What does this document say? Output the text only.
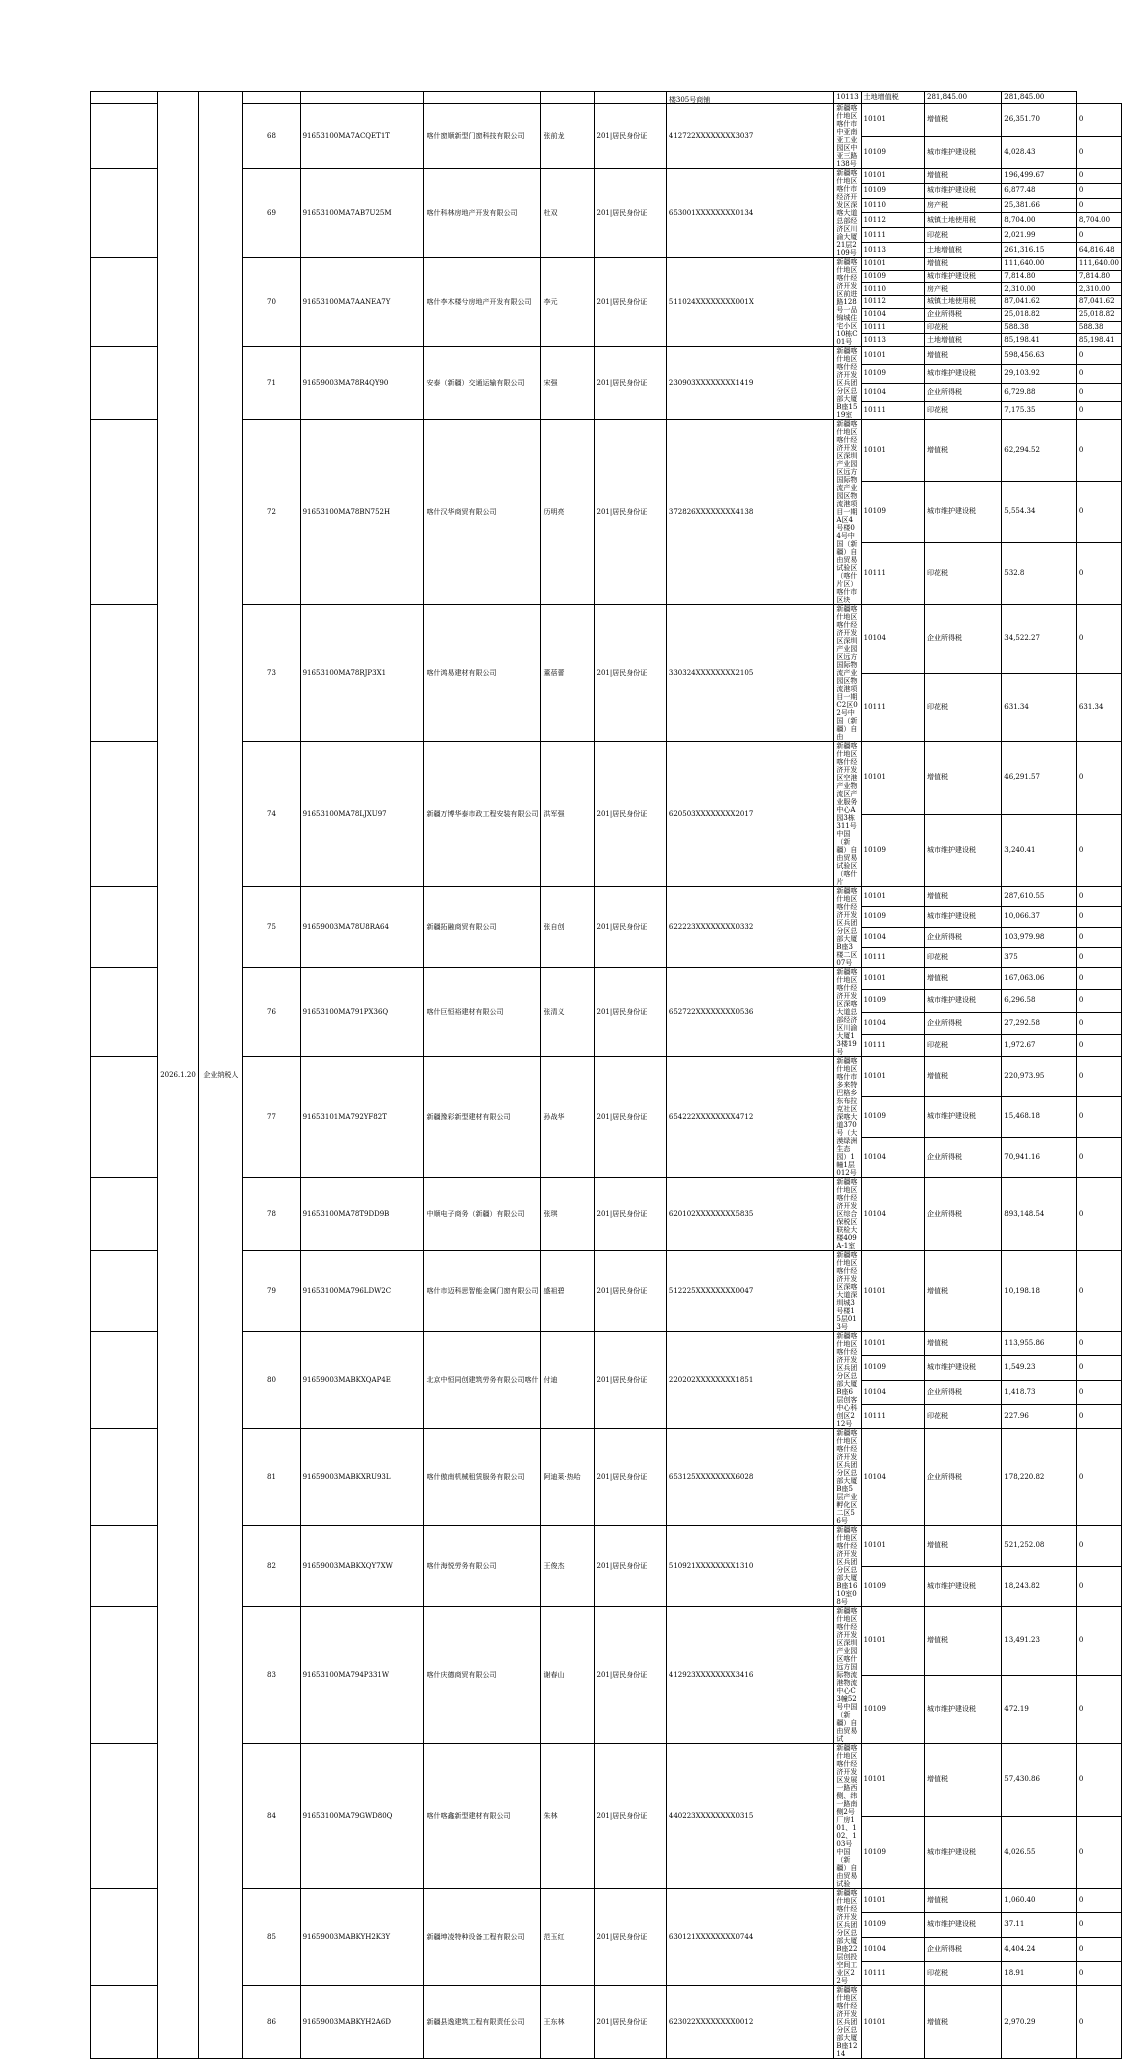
	2026.1.20	企业纳税人						楼305号商铺	10113	土地增值税	281,845.00	281,845.00	
			68	91653100MA7ACQET1T	喀什窗顺新型门窗科技有限公司	张前龙	201|居民身份证	412722XXXXXXXX3037	新疆喀什地区喀什市中亚南亚工业园区中亚三路138号	10101	增值税	26,351.70	0
										10109	城市维护建设税	4,028.43	0
			69	91653100MA7AB7U25M	喀什科林房地产开发有限公司	杜双	201|居民身份证	653001XXXXXXXX0134	新疆喀什地区喀什市经济开发区深喀大道总部经济区川渝大厦21层2109号	10101	增值税	196,499.67	0
										10109	城市维护建设税	6,877.48	0
										10110	房产税	25,381.66	0
										10112	城镇土地使用税	8,704.00	8,704.00
										10111	印花税	2,021.99	0
										10113	土地增值税	261,316.15	64,816.48
			70	91653100MA7AANEA7Y	喀什李木楼兮房地产开发有限公司	李元	201|居民身份证	511024XXXXXXXX001X	新疆喀什地区喀什经济开发区前进路128号一品锦城住宅小区10栋C01号	10101	增值税	111,640.00	111,640.00
										10109	城市维护建设税	7,814.80	7,814.80
										10110	房产税	2,310.00	2,310.00
										10112	城镇土地使用税	87,041.62	87,041.62
										10104	企业所得税	25,018.82	25,018.82
										10111	印花税	588.38	588.38
										10113	土地增值税	85,198.41	85,198.41
			71	91659003MA78R4QY90	安泰（新疆）交通运输有限公司	宋强	201|居民身份证	230903XXXXXXXX1419	新疆喀什地区喀什经济开发区兵团分区总部大厦B座1519室	10101	增值税	598,456.63	0
										10109	城市维护建设税	29,103.92	0
										10104	企业所得税	6,729.88	0
										10111	印花税	7,175.35	0
			72	91653100MA78BN752H	喀什汉华商贸有限公司	历明亮	201|居民身份证	372826XXXXXXXX4138	新疆喀什地区喀什经济开发区深圳产业园区远方国际物流产业园区物流港项目一期A区4号楼04号中国（新疆）自由贸易试验区（喀什片区）喀什市区块	10101	增值税	62,294.52	0
										10109	城市维护建设税	5,554.34	0
										10111	印花税	532.8	0
			73	91653100MA78RJP3X1	喀什鸿易建材有限公司	董蓓蕾	201|居民身份证	330324XXXXXXXX2105	新疆喀什地区喀什经济开发区深圳产业园区远方国际物流产业园区物流港项目一期C2区02号中国（新疆）自由	10104	企业所得税	34,522.27	0
										10111	印花税	631.34	631.34
			74	91653100MA78LJXU97	新疆万博华泰市政工程安装有限公司	洪军强	201|居民身份证	620503XXXXXXXX2017	新疆喀什地区喀什经济开发区空港产业物流区产业服务中心A园3栋311号中国（新疆）自由贸易试验区（喀什片	10101	增值税	46,291.57	0
										10109	城市维护建设税	3,240.41	0
			75	91659003MA78U8RA64	新疆拓融商贸有限公司	张自创	201|居民身份证	622223XXXXXXXX0332	新疆喀什地区喀什经济开发区兵团分区总部大厦B座3楼二区07号	10101	增值税	287,610.55	0
										10109	城市维护建设税	10,066.37	0
										10104	企业所得税	103,979.98	0
										10111	印花税	375	0
			76	91653100MA791PX36Q	喀什巨恒裕建材有限公司	张清义	201|居民身份证	652722XXXXXXXX0536	新疆喀什地区喀什经济开发区深喀大道总部经济区川渝大厦13楼19号	10101	增值税	167,063.06	0
										10109	城市维护建设税	6,296.58	0
										10104	企业所得税	27,292.58	0
										10111	印花税	1,972.67	0
			77	91653101MA792YF82T	新疆豫彩新型建材有限公司	孙战华	201|居民身份证	654222XXXXXXXX4712	新疆喀什地区喀什市多来特巴格乡东布拉克社区深喀大道370号（大漠绿洲生态园）1幢1层012号	10101	增值税	220,973.95	0
										10109	城市维护建设税	15,468.18	0
										10104	企业所得税	70,941.16	0
			78	91653100MA78T9DD9B	中顺电子商务（新疆）有限公司	张琪	201|居民身份证	620102XXXXXXXX5835	新疆喀什地区喀什经济开发区综合保税区联检大楼409A-1室	10104	企业所得税	893,148.54	0
			79	91653100MA796LDW2C	喀什市迈科思智能金属门窗有限公司	盛祖碧	201|居民身份证	512225XXXXXXXX0047	新疆喀什地区喀什经济开发区深喀大道深圳城3号楼15层013号	10101	增值税	10,198.18	0
			80	91659003MABKXQAP4E	北京中恒同创建筑劳务有限公司喀什	付迪	201|居民身份证	220202XXXXXXXX1851	新疆喀什地区喀什经济开发区兵团分区总部大厦B座6层创客中心科创区212号	10101	增值税	113,955.86	0
										10109	城市维护建设税	1,549.23	0
										10104	企业所得税	1,418.73	0
										10111	印花税	227.96	0
			81	91659003MABKXRU93L	喀什傲南机械租赁服务有限公司	阿迪莱·热哈	201|居民身份证	653125XXXXXXXX6028	新疆喀什地区喀什经济开发区兵团分区总部大厦B座5层产业孵化区二区56号	10104	企业所得税	178,220.82	0
			82	91659003MABKXQY7XW	喀什海悦劳务有限公司	王俊杰	201|居民身份证	510921XXXXXXXX1310	新疆喀什地区喀什经济开发区兵团分区总部大厦B座1610室08号	10101	增值税	521,252.08	0
										10109	城市维护建设税	18,243.82	0
			83	91653100MA794P331W	喀什庆德商贸有限公司	谢春山	201|居民身份证	412923XXXXXXXX3416	新疆喀什地区喀什经济开发区深圳产业园区喀什远方国际物流港物流中心C3幢52号中国（新疆）自由贸易试	10101	增值税	13,491.23	0
										10109	城市维护建设税	472.19	0
			84	91653100MA79GWD80Q	喀什喀鑫新型建材有限公司	朱林	201|居民身份证	440223XXXXXXXX0315	新疆喀什地区喀什经济开发区发展一路西侧、纬一路南侧2号厂房101、102、103号中国（新疆）自由贸易试验	10101	增值税	57,430.86	0
										10109	城市维护建设税	4,026.55	0
			85	91659003MABKYH2K3Y	新疆坤凌特种设备工程有限公司	范玉红	201|居民身份证	630121XXXXXXXX0744	新疆喀什地区喀什经济开发区兵团分区总部大厦B座22层创投空间工业区22号	10101	增值税	1,060.40	0
										10109	城市维护建设税	37.11	0
										10104	企业所得税	4,404.24	0
										10111	印花税	18.91	0
			86	91659003MABKYH2A6D	新疆县逸建筑工程有限责任公司	王东林	201|居民身份证	623022XXXXXXXX0012	新疆喀什地区喀什经济开发区兵团分区总部大厦B座1214	10101	增值税	2,970.29	0
